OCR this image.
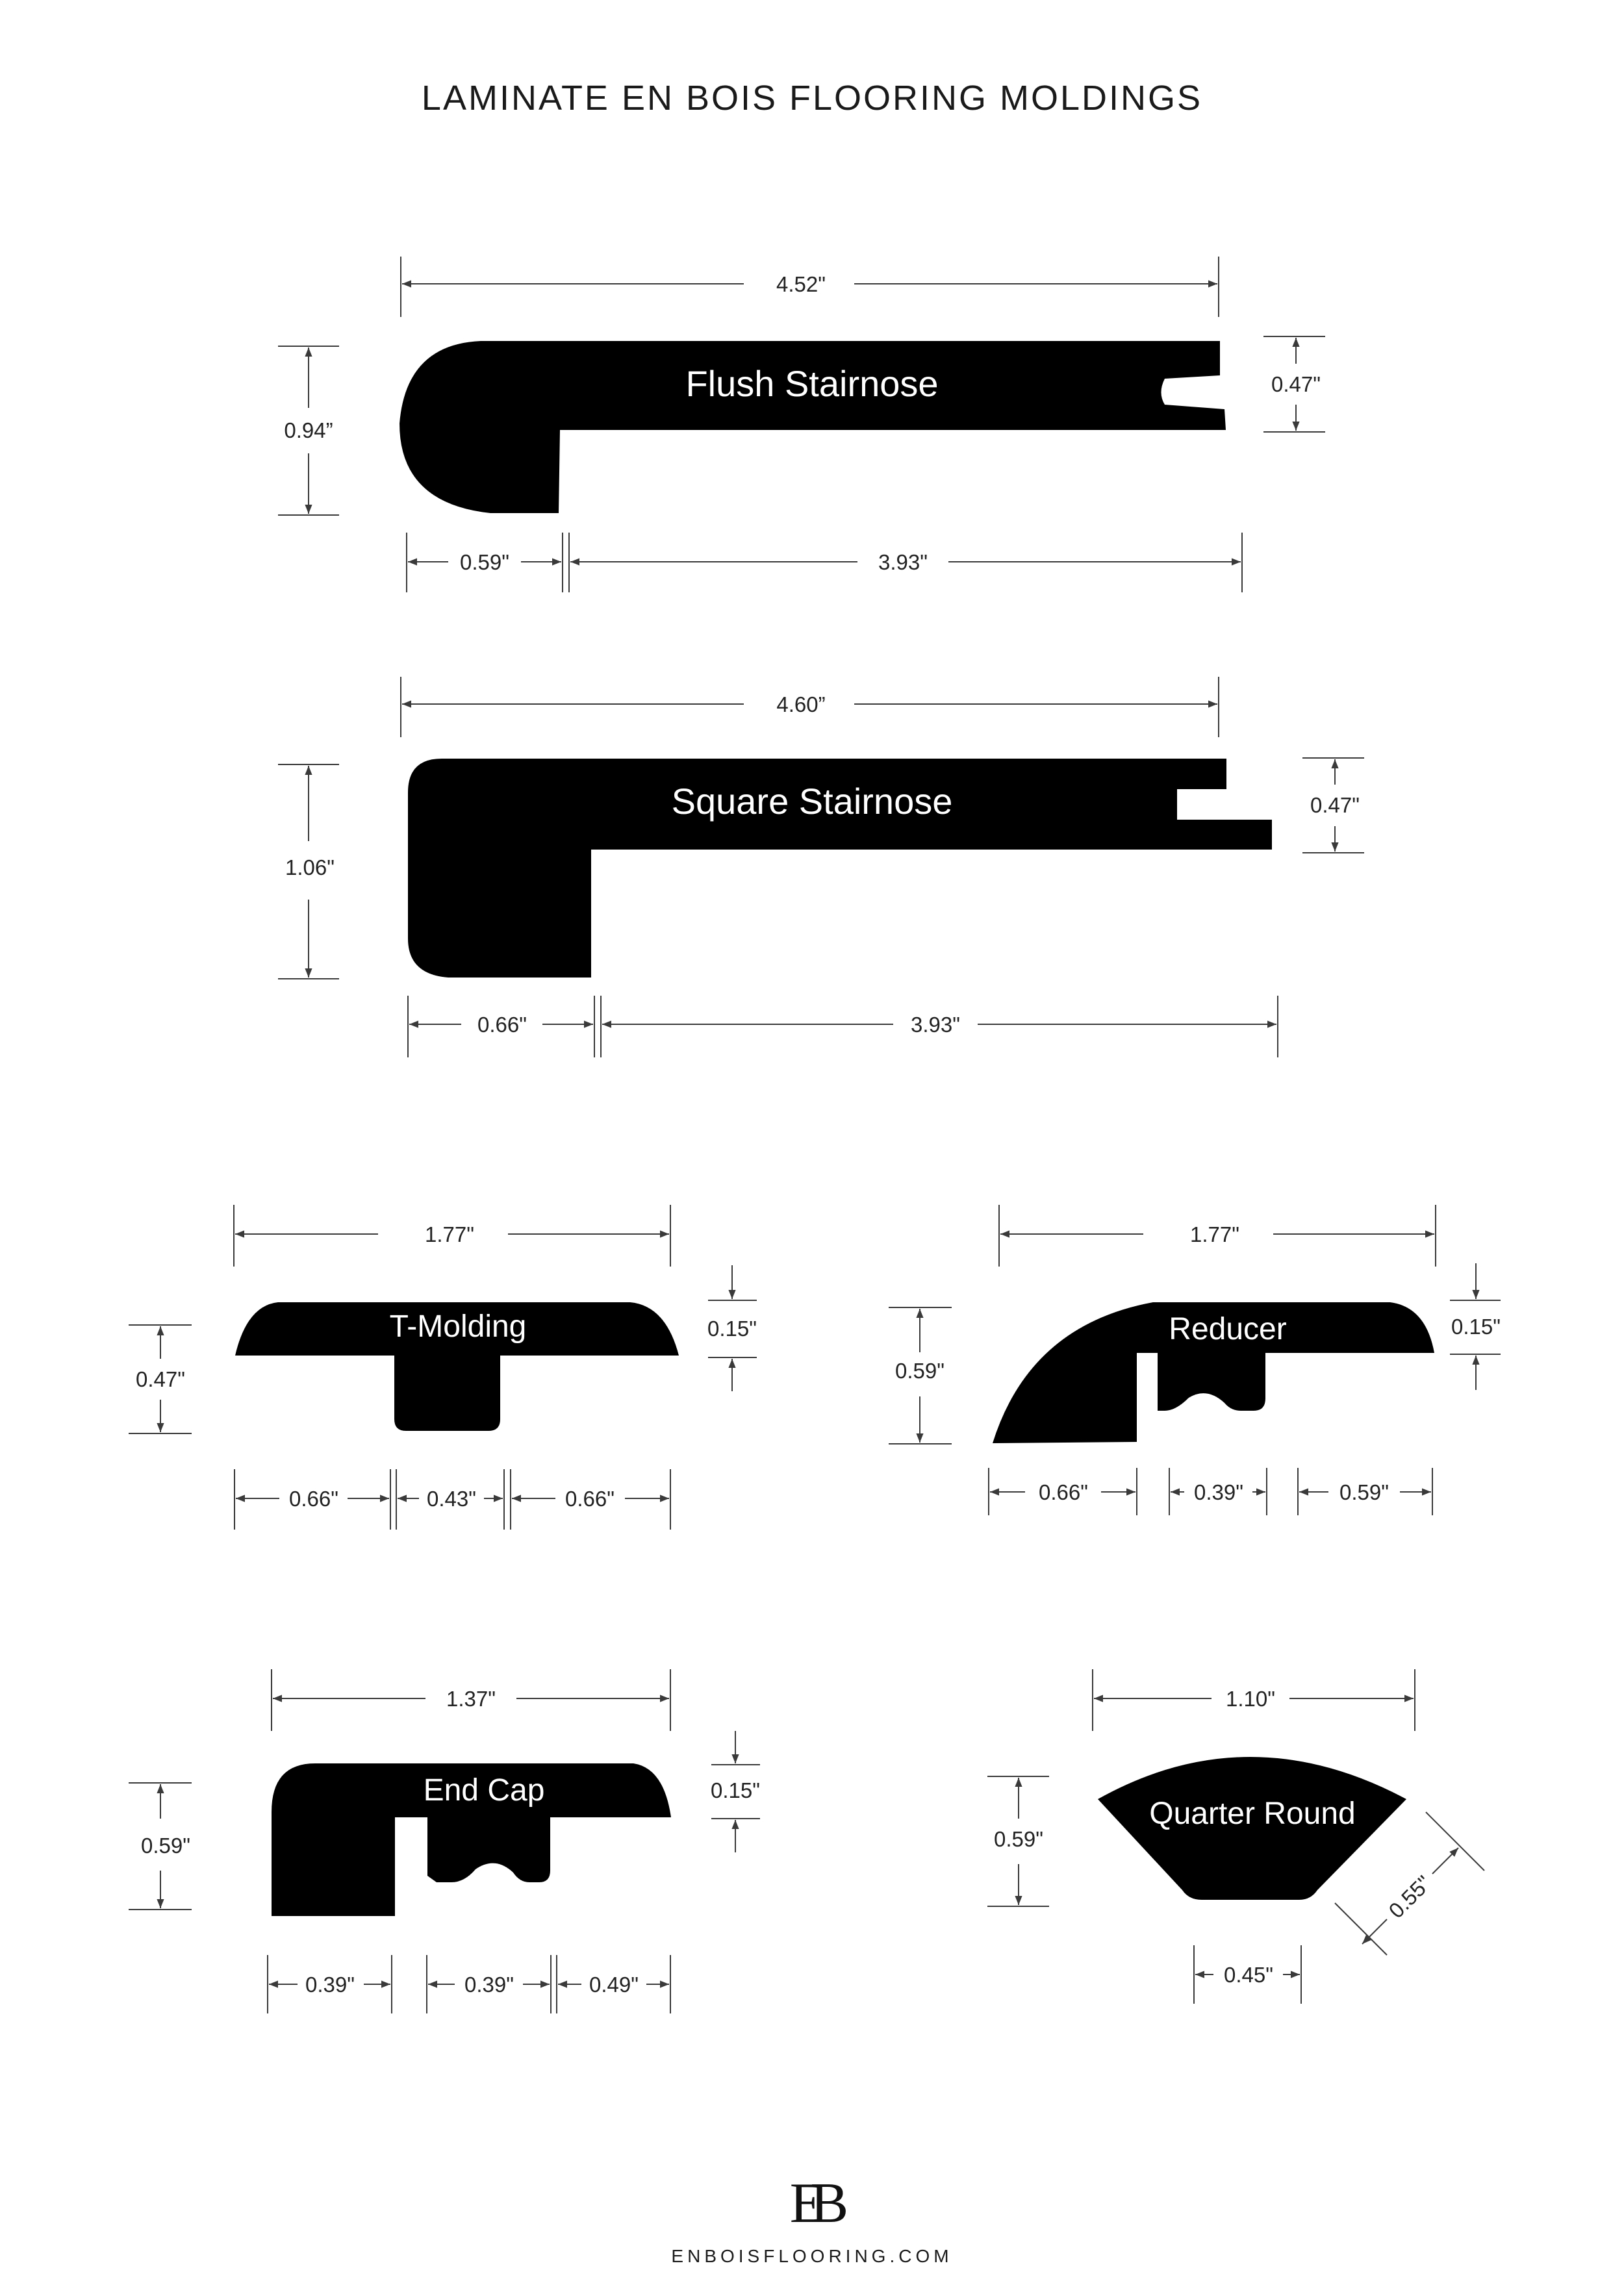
LAMINATE EN BOIS FLOORING MOLDINGS
Flush Stairnose
4.52"
0.94”
0.47"
0.59"	3.93"
Square Stairnose
4.60”
1.06"
0.47"
0.66"	3.93"
T-Molding
1.77"
0.47"
0.15"
0.66"	0.43"	0.66"
Reducer
1.77"
0.59"
0.15"
0.66"	0.39"	0.59"
End Cap
1.37"
0.59"
0.15"
0.39"	0.39"	0.49"
Quarter Round
1.10"
0.59"
0.45"
0.55"
EB
ENBOISFLOORING.COM
